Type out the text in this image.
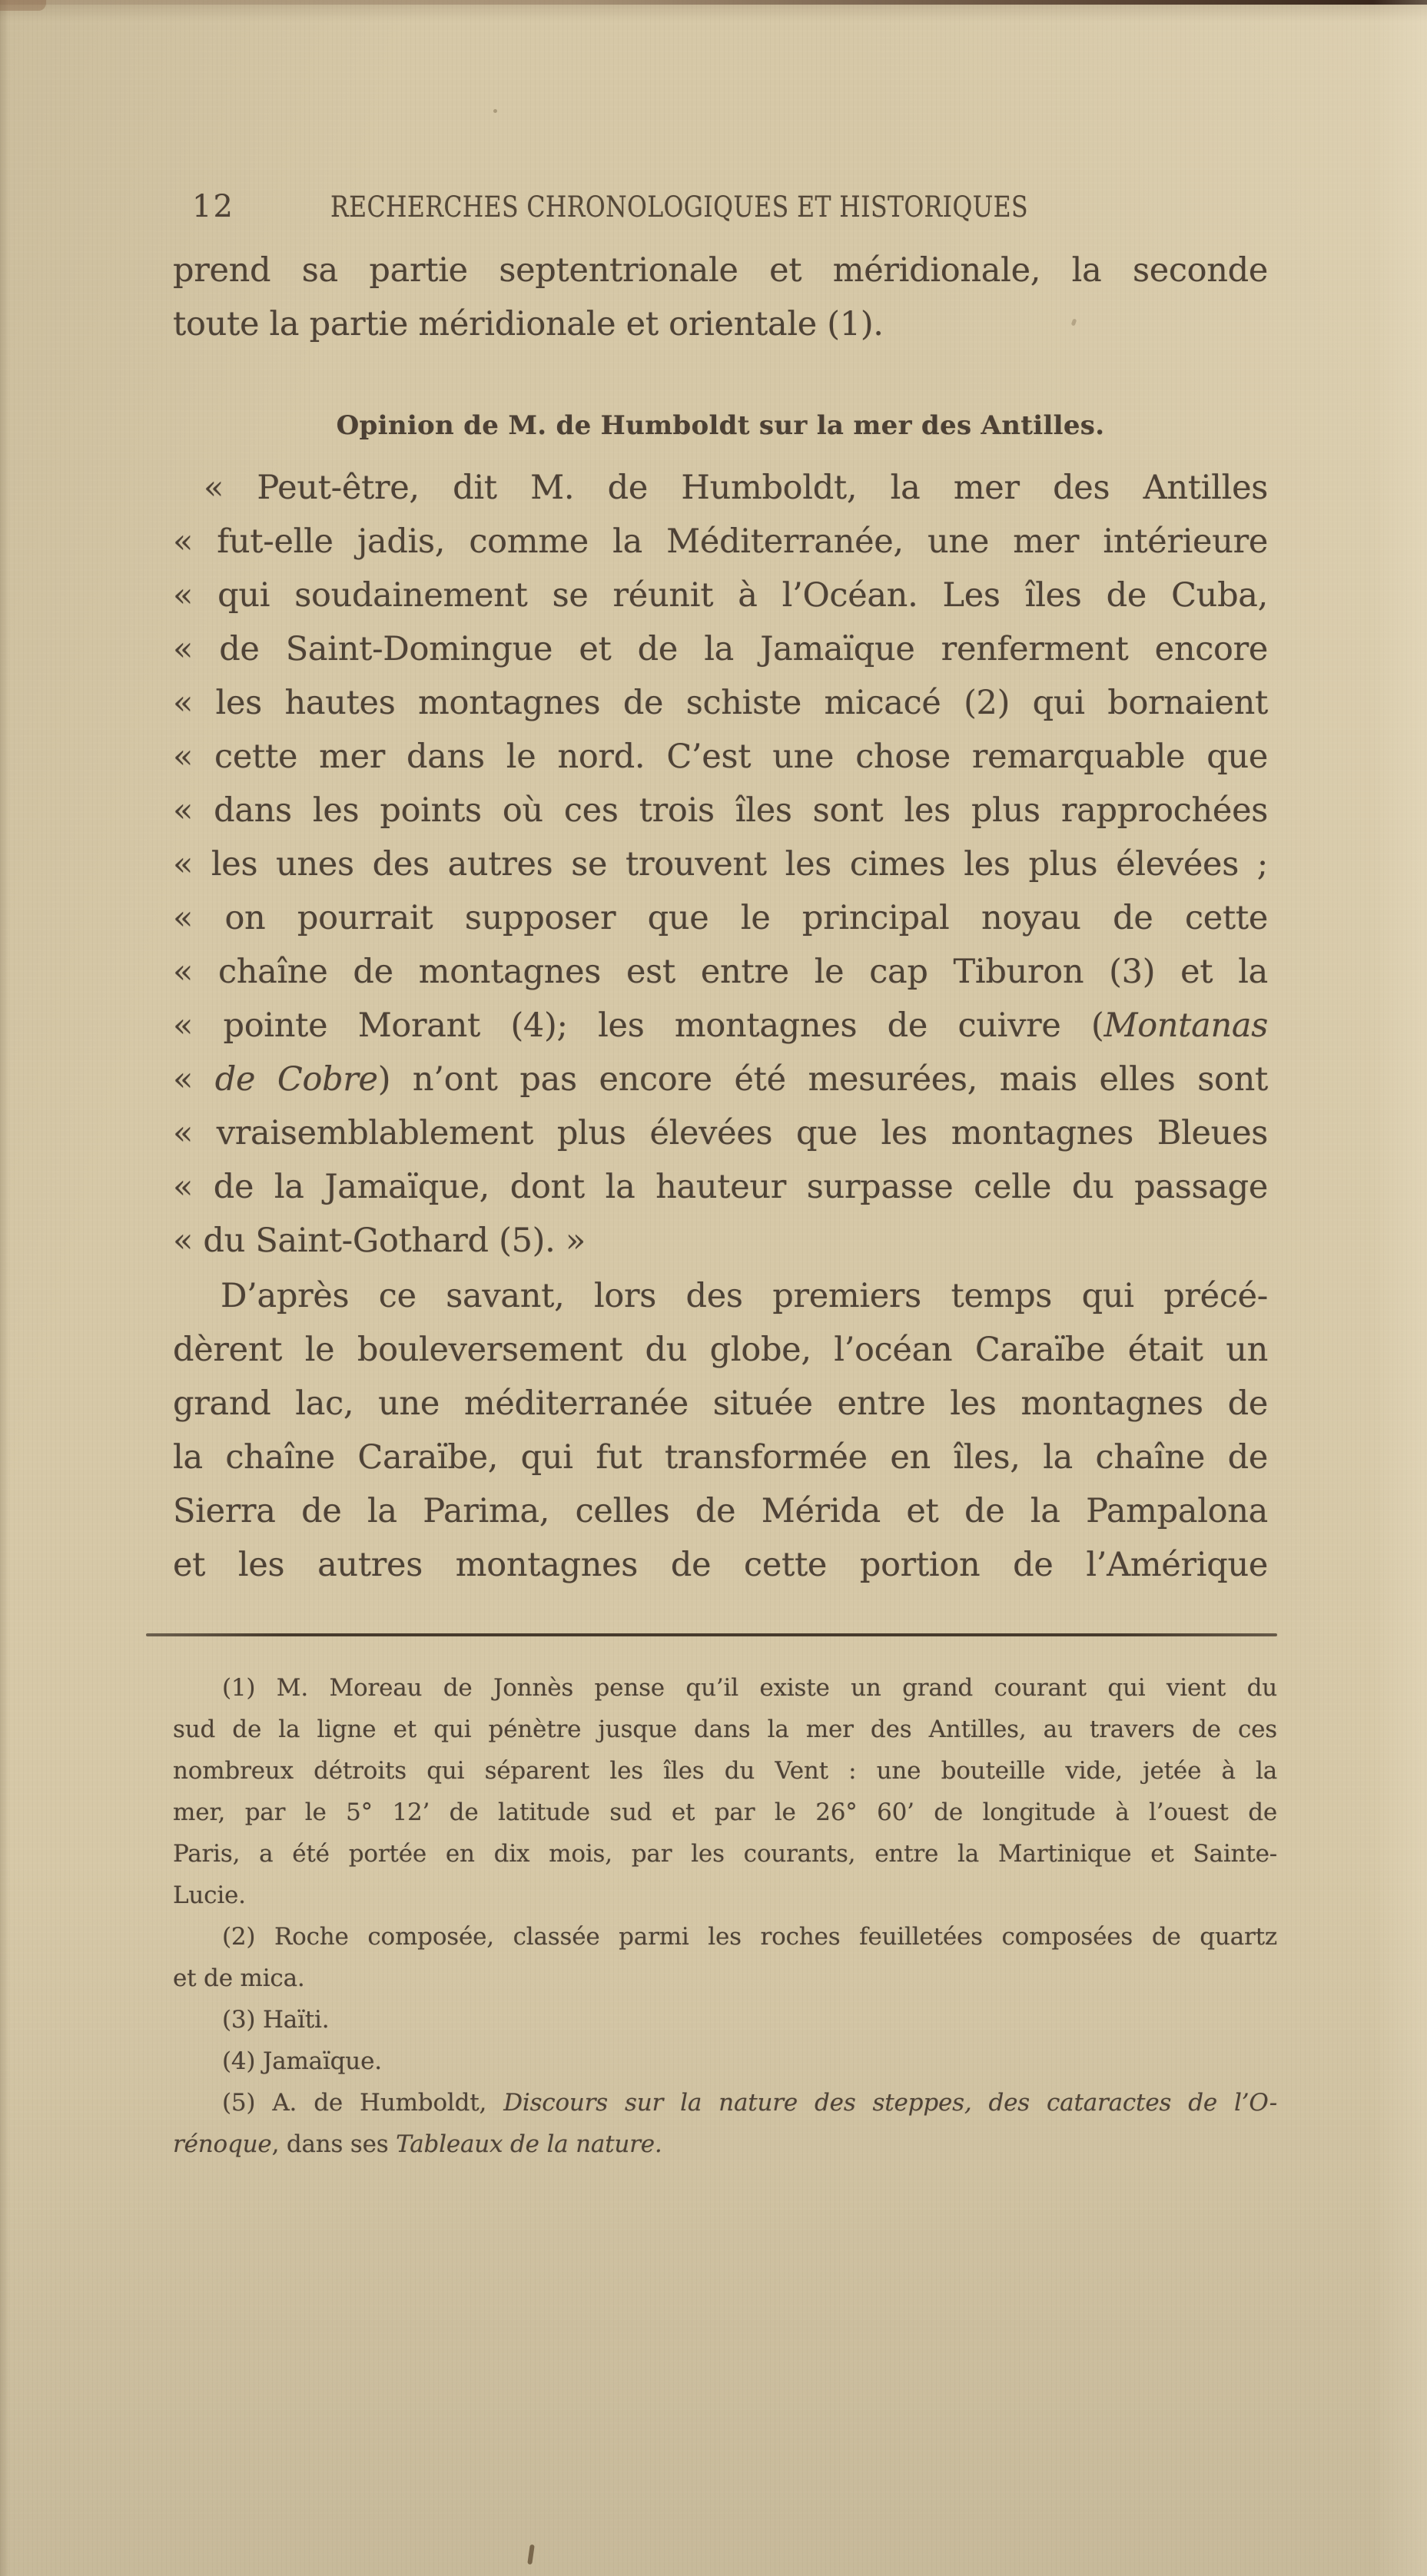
12	RECHERCHES CHRONOLOGIQUES ET HISTORIQUES
prend sa partie septentrionale et méridionale, la seconde
toute la partie méridionale et orientale (1).
Opinion de M. de Humboldt sur la mer des Antilles.
« Peut-être, dit M. de Humboldt, la mer des Antilles
« fut-elle jadis, comme la Méditerranée, une mer intérieure
« qui soudainement se réunit à l’Océan. Les îles de Cuba,
« de Saint-Domingue et de la Jamaïque renferment encore
« les hautes montagnes de schiste micacé (2) qui bornaient
« cette mer dans le nord. C’est une chose remarquable que
« dans les points où ces trois îles sont les plus rapprochées
« les unes des autres se trouvent les cimes les plus élevées ;
« on pourrait supposer que le principal noyau de cette
« chaîne de montagnes est entre le cap Tiburon (3) et la
« pointe Morant (4); les montagnes de cuivre (Montanas
« de Cobre) n’ont pas encore été mesurées, mais elles sont
« vraisemblablement plus élevées que les montagnes Bleues
« de la Jamaïque, dont la hauteur surpasse celle du passage
« du Saint-Gothard (5). »
D’après ce savant, lors des premiers temps qui précé-
dèrent le bouleversement du globe, l’océan Caraïbe était un
grand lac, une méditerranée située entre les montagnes de
la chaîne Caraïbe, qui fut transformée en îles, la chaîne de
Sierra de la Parima, celles de Mérida et de la Pampalona
et les autres montagnes de cette portion de l’Amérique
(1) M. Moreau de Jonnès pense qu’il existe un grand courant qui vient du
sud de la ligne et qui pénètre jusque dans la mer des Antilles, au travers de ces
nombreux détroits qui séparent les îles du Vent : une bouteille vide, jetée à la
mer, par le 5° 12’ de latitude sud et par le 26° 60’ de longitude à l’ouest de
Paris, a été portée en dix mois, par les courants, entre la Martinique et Sainte-
Lucie.
(2) Roche composée, classée parmi les roches feuilletées composées de quartz
et de mica.
(3) Haïti.
(4) Jamaïque.
(5) A. de Humboldt, Discours sur la nature des steppes, des cataractes de l’O-
rénoque, dans ses Tableaux de la nature.
